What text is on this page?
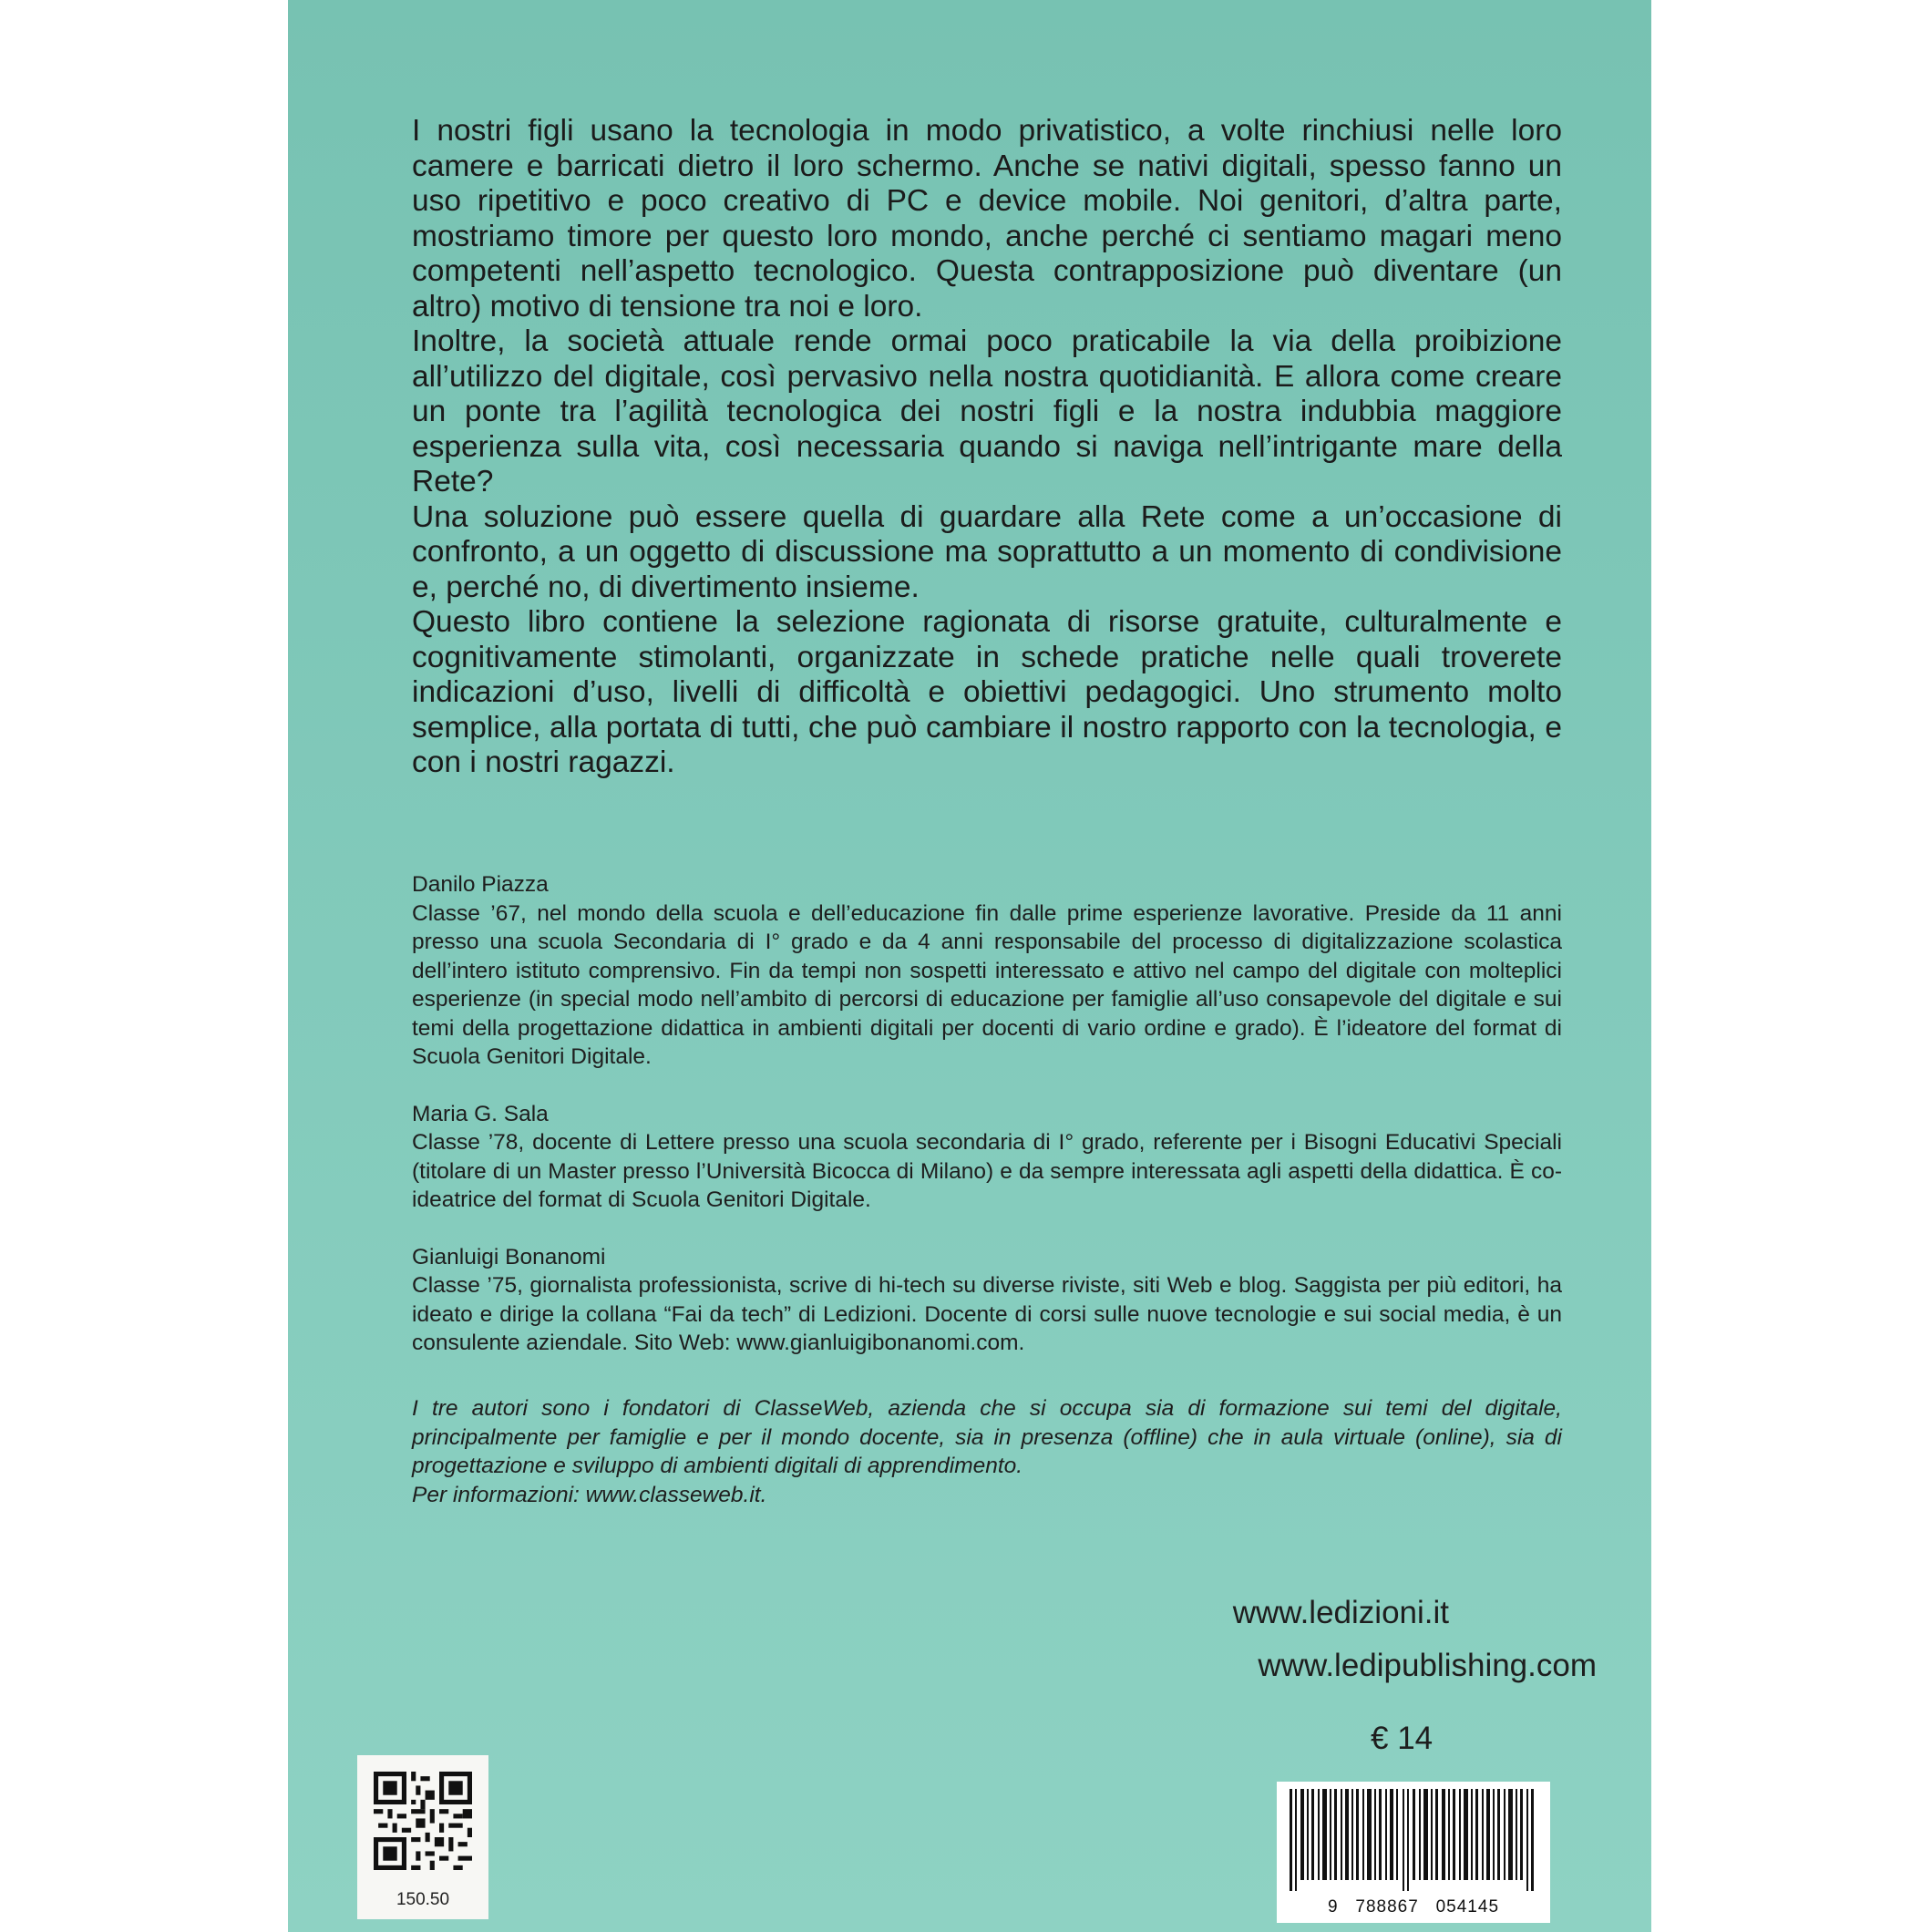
I nostri figli usano la tecnologia in modo privatistico, a volte rinchiusi nelle loro camere e barricati dietro il loro schermo. Anche se nativi digitali, spesso fanno un uso ripetitivo e poco creativo di PC e device mobile. Noi genitori, d’altra parte, mostriamo timore per questo loro mondo, anche perché ci sentiamo magari meno competenti nell’aspetto tecnologico. Questa contrapposizione può diventare (un altro) motivo di tensione tra noi e loro.

Inoltre, la società attuale rende ormai poco praticabile la via della proibizione all’utilizzo del digitale, così pervasivo nella nostra quotidianità. E allora come creare un ponte tra l’agilità tecnologica dei nostri figli e la nostra indubbia maggiore esperienza sulla vita, così necessaria quando si naviga nell’intrigante mare della Rete?

Una soluzione può essere quella di guardare alla Rete come a un’occasione di confronto, a un oggetto di discussione ma soprattutto a un momento di condivisione e, perché no, di divertimento insieme.

Questo libro contiene la selezione ragionata di risorse gratuite, culturalmente e cognitivamente stimolanti, organizzate in schede pratiche nelle quali troverete indicazioni d’uso, livelli di difficoltà e obiettivi pedagogici. Uno strumento molto semplice, alla portata di tutti, che può cambiare il nostro rapporto con la tecnologia, e con i nostri ragazzi.

Danilo Piazza

Classe ’67, nel mondo della scuola e dell’educazione fin dalle prime esperienze lavorative. Preside da 11 anni presso una scuola Secondaria di I° grado e da 4 anni responsabile del processo di digitalizzazione scolastica dell’intero istituto comprensivo. Fin da tempi non sospetti interessato e attivo nel campo del digitale con molteplici esperienze (in special modo nell’ambito di percorsi di educazione per famiglie all’uso consapevole del digitale e sui temi della progettazione didattica in ambienti digitali per docenti di vario ordine e grado). È l’ideatore del format di Scuola Genitori Digitale.

Maria G. Sala

Classe ’78, docente di Lettere presso una scuola secondaria di I° grado, referente per i Bisogni Educativi Speciali (titolare di un Master presso l’Università Bicocca di Milano) e da sempre interessata agli aspetti della didattica. È co-ideatrice del format di Scuola Genitori Digitale.

Gianluigi Bonanomi

Classe ’75, giornalista professionista, scrive di hi-tech su diverse riviste, siti Web e blog. Saggista per più editori, ha ideato e dirige la collana “Fai da tech” di Ledizioni. Docente di corsi sulle nuove tecnologie e sui social media, è un consulente aziendale. Sito Web: www.gianluigibonanomi.com.

I tre autori sono i fondatori di ClasseWeb, azienda che si occupa sia di formazione sui temi del digitale, principalmente per famiglie e per il mondo docente, sia in presenza (offline) che in aula virtuale (online), sia di progettazione e sviluppo di ambienti digitali di apprendimento.

Per informazioni: www.classeweb.it.

www.ledizioni.it
www.ledipublishing.com
€ 14
150.50	9   788867   054145
